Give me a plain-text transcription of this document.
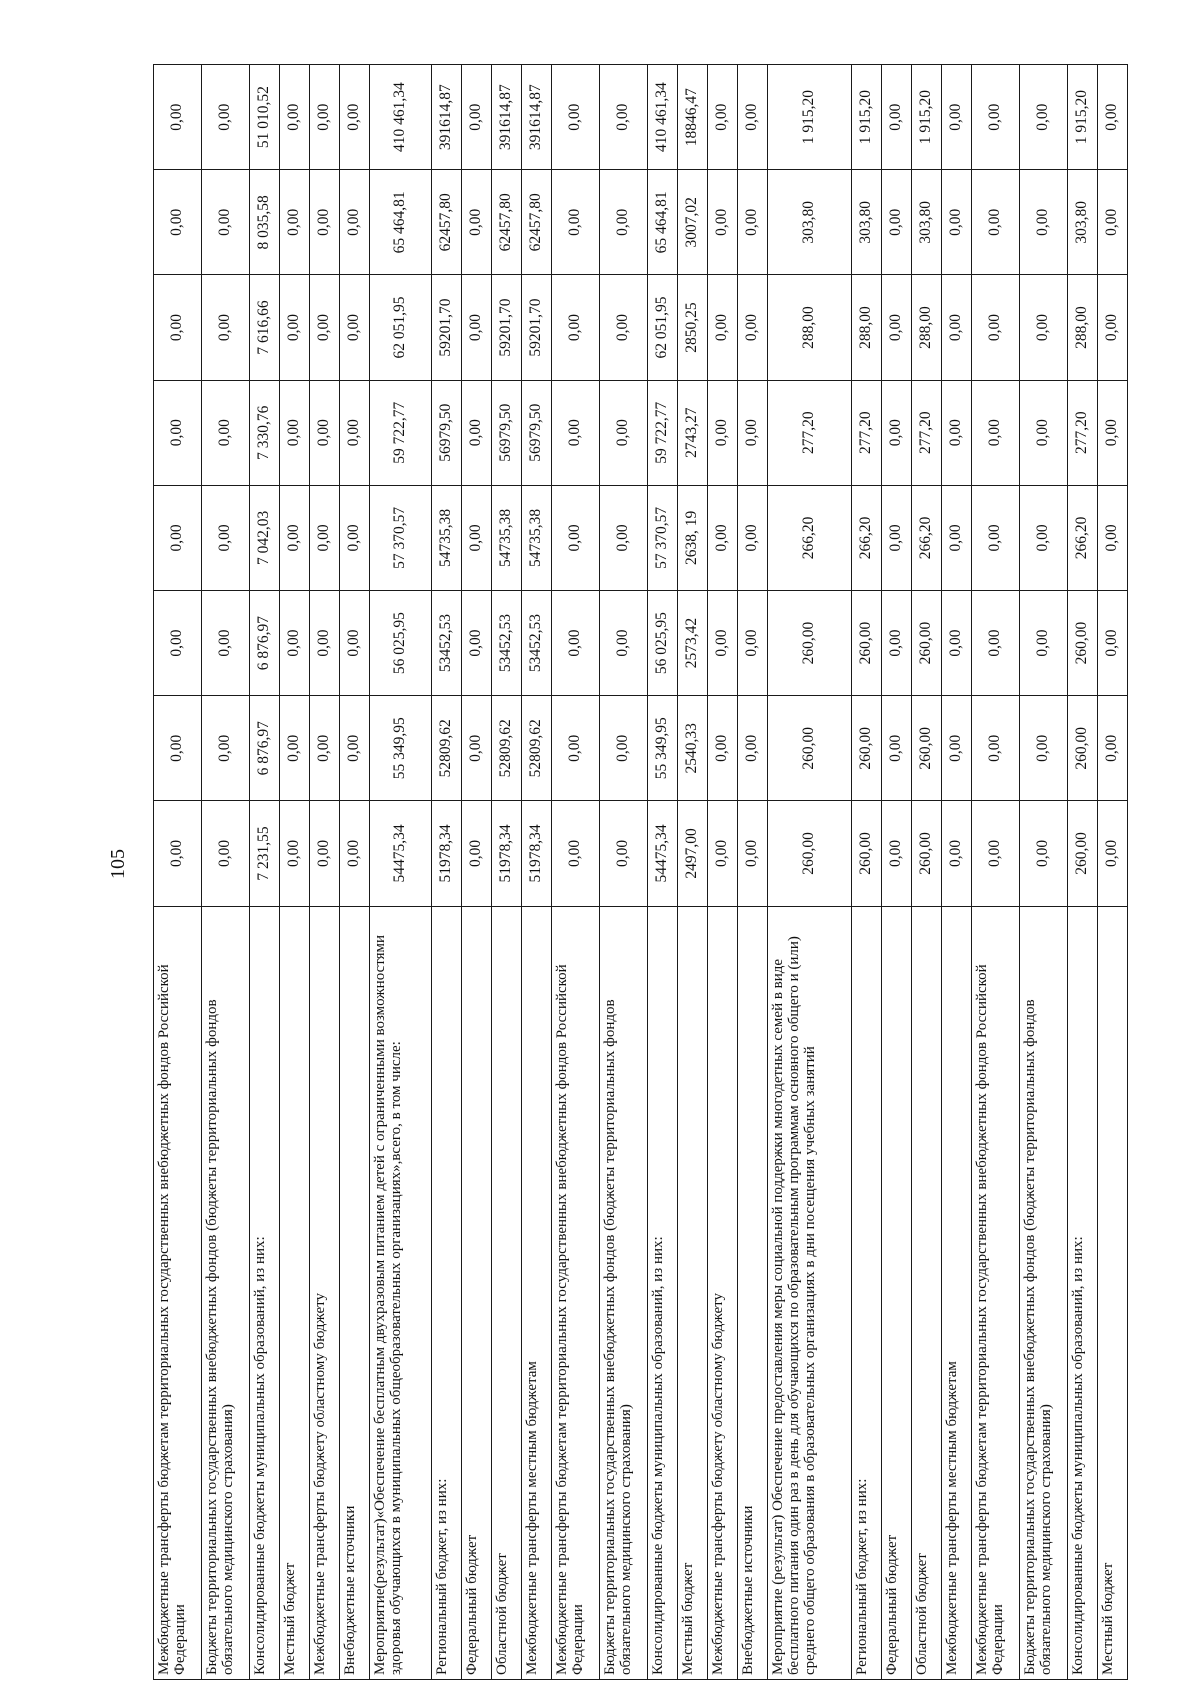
105
Межбюджетные трансферты бюджетам территориальных государственных внебюджетных фондов Российской Федерации	0,00	0,00	0,00	0,00	0,00	0,00	0,00	0,00
Бюджеты территориальных государственных внебюджетных фондов (бюджеты территориальных фондов обязательного медицинского страхования)	0,00	0,00	0,00	0,00	0,00	0,00	0,00	0,00
Консолидированные бюджеты муниципальных образований, из них:	7 231,55	6 876,97	6 876,97	7 042,03	7 330,76	7 616,66	8 035,58	51 010,52
Местный бюджет	0,00	0,00	0,00	0,00	0,00	0,00	0,00	0,00
Межбюджетные трансферты бюджету областному бюджету	0,00	0,00	0,00	0,00	0,00	0,00	0,00	0,00
Внебюджетные источники	0,00	0,00	0,00	0,00	0,00	0,00	0,00	0,00
Мероприятие(результат)«Обеспечение бесплатным двухразовым питанием детей с ограниченными возможностями здоровья обучающихся в муниципальных общеобразовательных организациях»,всего, в том числе:	54475,34	55 349,95	56 025,95	57 370,57	59 722,77	62 051,95	65 464,81	410 461,34
Региональный бюджет, из них:	51978,34	52809,62	53452,53	54735,38	56979,50	59201,70	62457,80	391614,87
Федеральный бюджет	0,00	0,00	0,00	0,00	0,00	0,00	0,00	0,00
Областной бюджет	51978,34	52809,62	53452,53	54735,38	56979,50	59201,70	62457,80	391614,87
Межбюджетные трансферты местным бюджетам	51978,34	52809,62	53452,53	54735,38	56979,50	59201,70	62457,80	391614,87
Межбюджетные трансферты бюджетам территориальных государственных внебюджетных фондов Российской Федерации	0,00	0,00	0,00	0,00	0,00	0,00	0,00	0,00
Бюджеты территориальных государственных внебюджетных фондов (бюджеты территориальных фондов обязательного медицинского страхования)	0,00	0,00	0,00	0,00	0,00	0,00	0,00	0,00
Консолидированные бюджеты муниципальных образований, из них:	54475,34	55 349,95	56 025,95	57 370,57	59 722,77	62 051,95	65 464,81	410 461,34
Местный бюджет	2497,00	2540,33	2573,42	2638, 19	2743,27	2850,25	3007,02	18846,47
Межбюджетные трансферты бюджету областному бюджету	0,00	0,00	0,00	0,00	0,00	0,00	0,00	0,00
Внебюджетные источники	0,00	0,00	0,00	0,00	0,00	0,00	0,00	0,00
Мероприятие (результат) Обеспечение предоставления меры социальной поддержки многодетных семей в виде бесплатного питания один раз в день для обучающихся по образовательным программам основного общего и (или) среднего общего образования в образовательных организациях в дни посещения учебных занятий	260,00	260,00	260,00	266,20	277,20	288,00	303,80	1 915,20
Региональный бюджет, из них:	260,00	260,00	260,00	266,20	277,20	288,00	303,80	1 915,20
Федеральный бюджет	0,00	0,00	0,00	0,00	0,00	0,00	0,00	0,00
Областной бюджет	260,00	260,00	260,00	266,20	277,20	288,00	303,80	1 915,20
Межбюджетные трансферты местным бюджетам	0,00	0,00	0,00	0,00	0,00	0,00	0,00	0,00
Межбюджетные трансферты бюджетам территориальных государственных внебюджетных фондов Российской Федерации	0,00	0,00	0,00	0,00	0,00	0,00	0,00	0,00
Бюджеты территориальных государственных внебюджетных фондов (бюджеты территориальных фондов обязательного медицинского страхования)	0,00	0,00	0,00	0,00	0,00	0,00	0,00	0,00
Консолидированные бюджеты муниципальных образований, из них:	260,00	260,00	260,00	266,20	277,20	288,00	303,80	1 915,20
Местный бюджет	0,00	0,00	0,00	0,00	0,00	0,00	0,00	0,00
